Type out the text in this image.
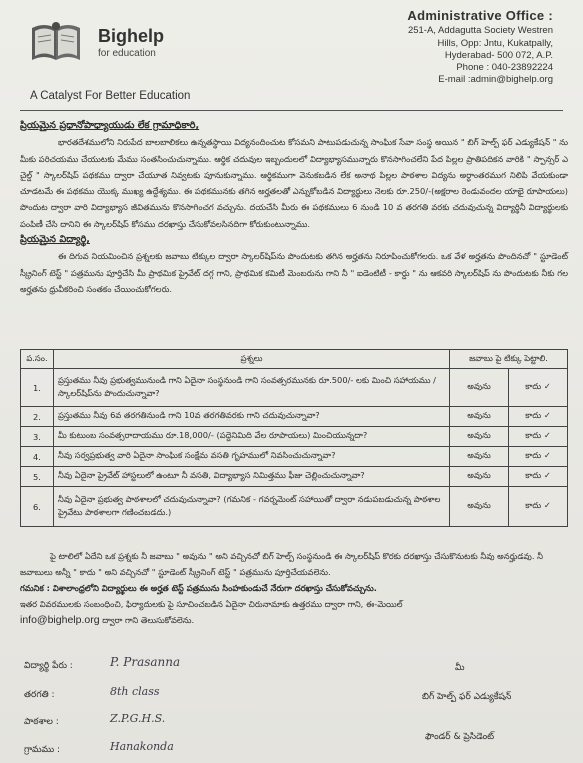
Bighelp
for education
A Catalyst For Better Education
Administrative Office :
251-A, Addagutta Society Westren
Hills, Opp: Jntu, Kukatpally,
Hyderabad- 500 072, A.P.
Phone : 040-23892224
E-mail :admin@bighelp.org

ప్రియమైన ప్రధానోపాధ్యాయుడు లేక గ్రామాధికారి,

భారతదేశములోని నిరుపేద బాలబాలికలు ఉన్నతస్థాయి విద్యనందించుట కోసమని పాటుపడుచున్న సాంఘిక సేవా సంస్థ అయిన " బిగ్ హెల్ప్ ఫర్ ఎడ్యుకేషన్ " ను మీకు పరిచయము చేయుటకు మేము సంతసించుచున్నాము. ఆర్థిక చదువుల ఇబ్బందులలో విద్యాభ్యాసమున్నారు కొనసాగించలేని పేద పిల్లల ప్రాతిపదికన వారికి " స్పాన్సర్ ఎ చైల్డ్ " స్కాలర్‌షిప్ పథకము ద్వారా చేయూత నివ్వటకు పూనుకున్నాము. ఆర్థికముగా వెనుకబడిన లేక అనాథ పిల్లల పాఠశాల విద్యను అర్ధాంతరముగ నిలిపి వేయకుండా చూడటమే ఈ పథకము యొక్క ముఖ్య ఉద్దేశ్యము. ఈ పథకమునకు తగిన అర్హతలతో ఎన్నుకోబడిన విద్యార్థులు నెలకు రూ.250/-(అక్షరాల రెండువందల యాభై రూపాయలు) పొందుట ద్వారా వారి విద్యాభ్యాస జీవితమును కొనసాగించగ వచ్చును. దయచేసి మీరు ఈ పథకములు 6 నుండి 10 వ తరగతి వరకు చదువుచున్న విద్యార్థినీ విద్యార్థులకు పంపిణీ చేసి దానిని ఈ స్కాలర్‌షిప్ కోసము దరఖాస్తు చేసుకోవలసినదిగా కోరుకుంటున్నాము.

ప్రియమైన విద్యార్థి,

ఈ దిగువ నియమించిన ప్రశ్నలకు జవాబు టిక్కుల ద్వారా స్కాలర్‌షిప్‌ను పొందుటకు తగిన అర్హతను నిరూపించుకోగలరు. ఒక వేళ అర్హతను పొందినచో " స్టూడెంట్ స్క్రీనింగ్ టెస్ట్ " పత్రమును పూర్తిచేసి మీ ప్రాథమిక ప్రైవేట్ దగ్గ గాని, ప్రాథమిక కమిటీ మెంబరును గాని నీ " ఐడెంటిటీ - కార్డు " ను ఆకవరి స్కాలర్‌షిప్ ను పొందుటకు నీకు గల అర్హతను ధ్రువీకరించి సంతకం చేయించుకోగలరు.

ప.సం.	ప్రశ్నలు	జవాబు పై టిక్కు పెట్టాలి.	
1.	ప్రస్తుతము నీవు ప్రభుత్వమునుండి గాని ఏదైనా సంస్థనుండి గాని సంవత్సరమునకు రూ.500/- లకు మించి సహాయము / స్కాలర్‌షిప్‌ను పొందుచున్నావా?	అవును	కాదు ✓
2.	ప్రస్తుతము నీవు 6వ తరగతినుండి గాని 10వ తరగతివరకు గాని చదువుచున్నావా?	అవును	కాదు ✓
3.	మీ కుటుంబ సంవత్సరాదాయము రూ.18,000/- (పద్దెనిమిది వేల రూపాయలు) మించియున్నదా?	అవును	కాదు ✓
4.	నీవు సర్వప్రభుత్వ వారి ఏదైనా సాంఘిక సంక్షేమ వసతి గృహములో నివసించుచున్నావా?	అవును	కాదు ✓
5.	నీవు ఏదైనా ప్రైవేట్ హాస్టలులో ఉంటూ నీ వసతి, విద్యాభ్యాస నిమిత్తము ఫీజు చెల్లించుచున్నావా?	అవును	కాదు ✓
6.	నీవు ఏదైనా ప్రభుత్వ పాఠశాలలో చదువుచున్నావా? (గమనిక - గవర్నమెంట్ సహాయితో ద్వారా నడుపబడుచున్న పాఠశాల ప్రైవేటు పాఠశాలగా గణించబడదు.)	అవును	కాదు ✓

పై టాలిలో ఏదేని ఒక ప్రశ్నకు నీ జవాబు " అవును " అని వచ్చినచో బిగ్ హెల్ప్ సంస్థనుండి ఈ స్కాలర్‌షిప్ కొరకు దరఖాస్తు చేసుకొనుటకు నీవు అనర్హుడవు. నీ జవాబులు అన్నీ " కాదు " అని వచ్చినచో " స్టూడెంట్ స్క్రీనింగ్ టెస్ట్ " పత్రమును పూర్తిచేయవలెను.

గమనిక : విశాలాంధ్రలోని విద్యార్థులు ఈ అర్హత టెస్ట్ పత్రమును సింహకుండుచే నేరుగా దరఖాస్తు చేసుకోవచ్చును.

ఇతర వివరములకు సంబంధించి, ఫిర్యాదులకు పై సూచించబడిన ఏదైనా చిరునామాకు ఉత్తరము ద్వారా గాని, ఈ-మెయిల్

info@bighelp.org ద్వారా గాని తెలుసుకోవలెను.

విద్యార్థి పేరు :	P. Prasanna
తరగతి :	8th class
పాఠశాల :	Z.P.G.H.S.
గ్రామము :	Hanakonda
మీ
బిగ్ హెల్ప్ ఫర్ ఎడ్యుకేషన్
ఫౌండర్ & ప్రెసిడెంట్
